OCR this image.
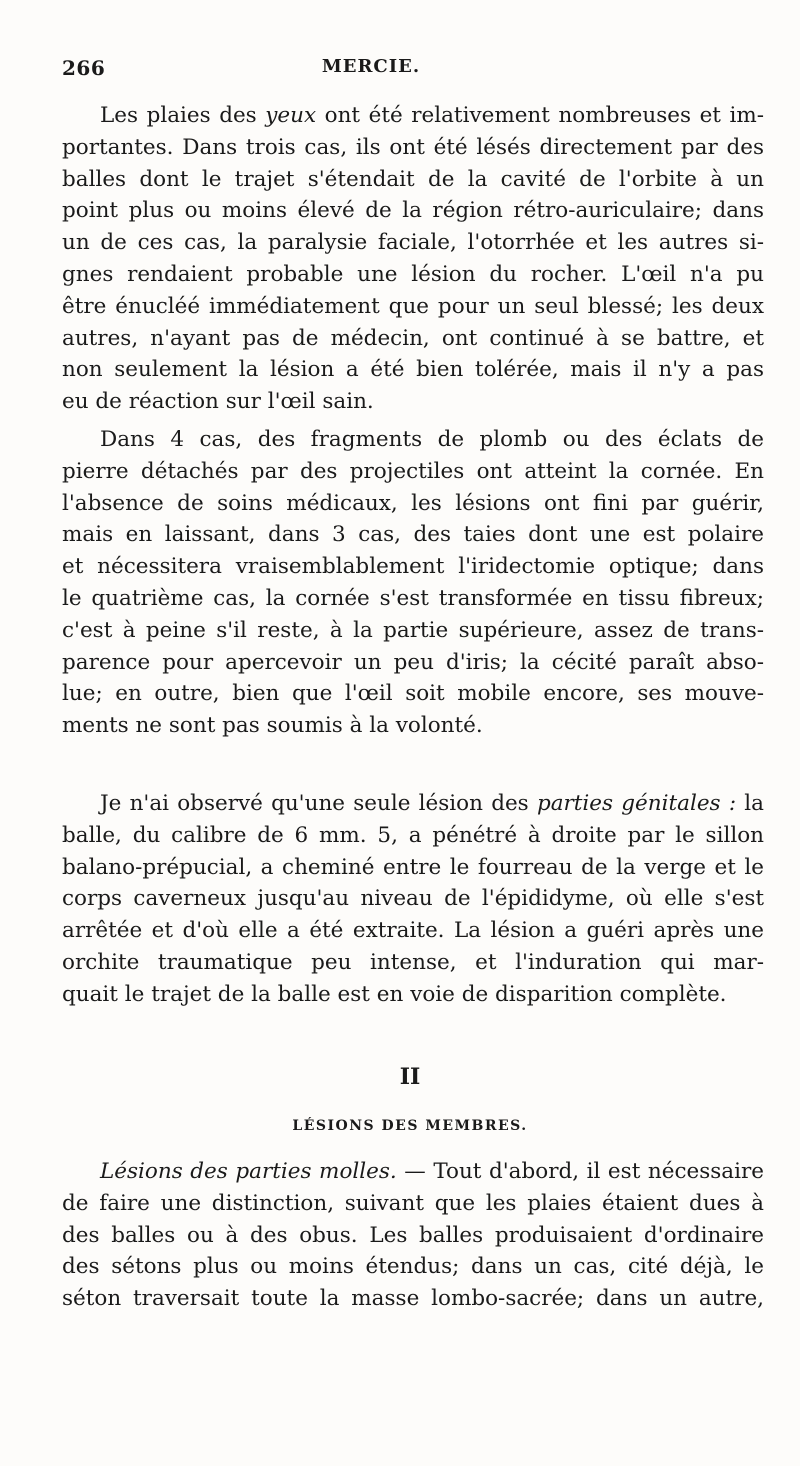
266	MERCIE.
Les plaies des yeux ont été relativement nombreuses et im-
portantes. Dans trois cas, ils ont été lésés directement par des
balles dont le trajet s'étendait de la cavité de l'orbite à un
point plus ou moins élevé de la région rétro-auriculaire; dans
un de ces cas, la paralysie faciale, l'otorrhée et les autres si-
gnes rendaient probable une lésion du rocher. L'œil n'a pu
être énucléé immédiatement que pour un seul blessé; les deux
autres, n'ayant pas de médecin, ont continué à se battre, et
non seulement la lésion a été bien tolérée, mais il n'y a pas
eu de réaction sur l'œil sain.
Dans 4 cas, des fragments de plomb ou des éclats de
pierre détachés par des projectiles ont atteint la cornée. En
l'absence de soins médicaux, les lésions ont fini par guérir,
mais en laissant, dans 3 cas, des taies dont une est polaire
et nécessitera vraisemblablement l'iridectomie optique; dans
le quatrième cas, la cornée s'est transformée en tissu fibreux;
c'est à peine s'il reste, à la partie supérieure, assez de trans-
parence pour apercevoir un peu d'iris; la cécité paraît abso-
lue; en outre, bien que l'œil soit mobile encore, ses mouve-
ments ne sont pas soumis à la volonté.
Je n'ai observé qu'une seule lésion des parties génitales : la
balle, du calibre de 6 mm. 5, a pénétré à droite par le sillon
balano-prépucial, a cheminé entre le fourreau de la verge et le
corps caverneux jusqu'au niveau de l'épididyme, où elle s'est
arrêtée et d'où elle a été extraite. La lésion a guéri après une
orchite traumatique peu intense, et l'induration qui mar-
quait le trajet de la balle est en voie de disparition complète.
II
LÉSIONS DES MEMBRES.
Lésions des parties molles. — Tout d'abord, il est nécessaire
de faire une distinction, suivant que les plaies étaient dues à
des balles ou à des obus. Les balles produisaient d'ordinaire
des sétons plus ou moins étendus; dans un cas, cité déjà, le
séton traversait toute la masse lombo-sacrée; dans un autre,
